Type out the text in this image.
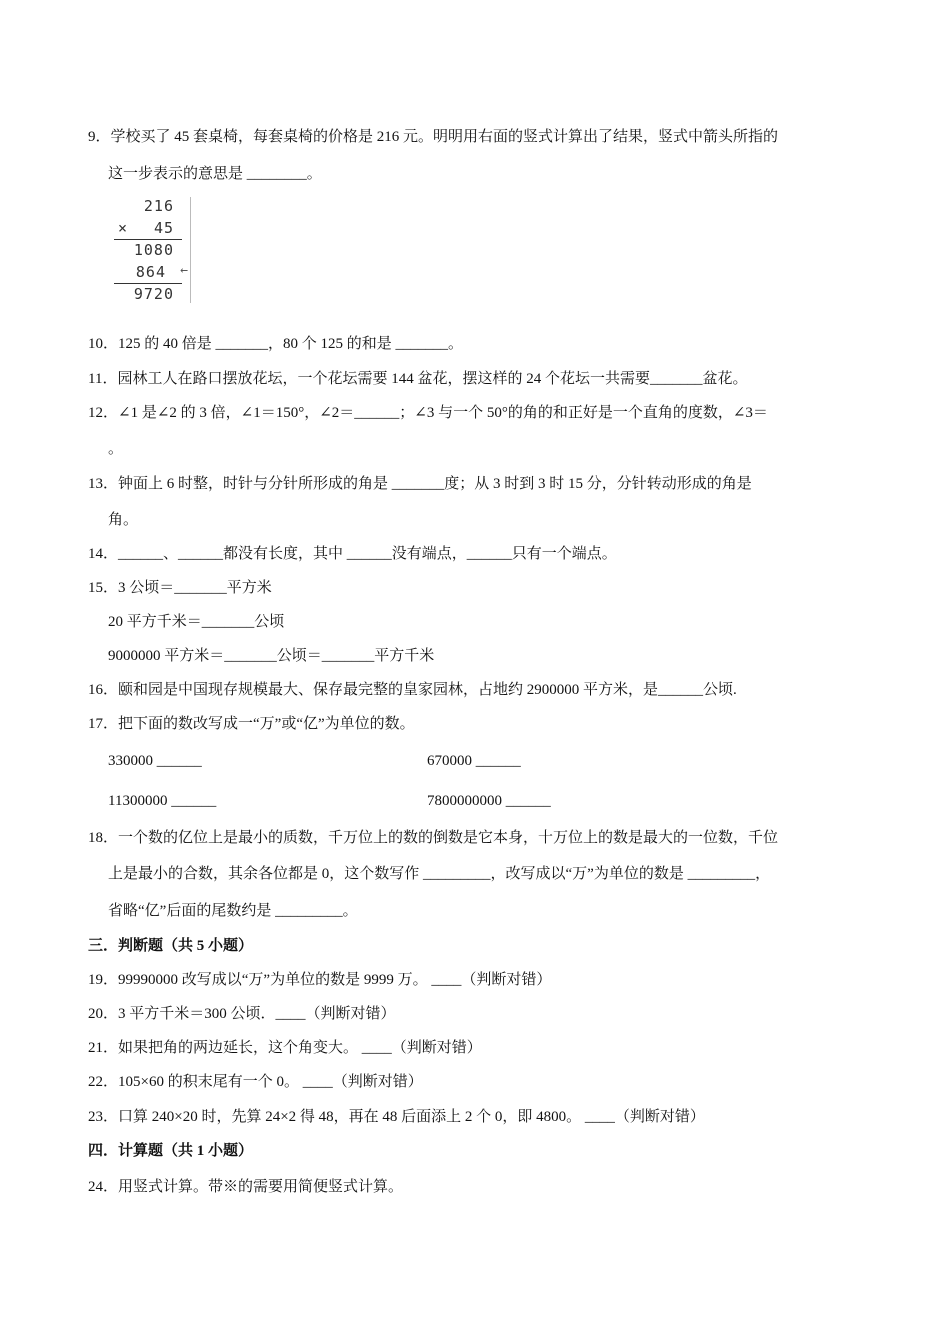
9．学校买了 45 套桌椅，每套桌椅的价格是 216 元。明明用右面的竖式计算出了结果，竖式中箭头所指的
这一步表示的意思是 ________。
216
× 45
1080
864 ←
9720
10．125 的 40 倍是 _______，80 个 125 的和是 _______。
11．园林工人在路口摆放花坛，一个花坛需要 144 盆花，摆这样的 24 个花坛一共需要_______盆花。
12．∠1 是∠2 的 3 倍，∠1＝150°，∠2＝______；∠3 与一个 50°的角的和正好是一个直角的度数，∠3＝
。
13．钟面上 6 时整，时针与分针所形成的角是 _______度；从 3 时到 3 时 15 分，分针转动形成的角是
角。
14．______、______都没有长度，其中 ______没有端点，______只有一个端点。
15．3 公顷＝_______平方米
20 平方千米＝_______公顷
9000000 平方米＝_______公顷＝_______平方千米
16．颐和园是中国现存规模最大、保存最完整的皇家园林，占地约 2900000 平方米，是______公顷.
17．把下面的数改写成一“万”或“亿”为单位的数。
330000 ______	670000 ______
11300000 ______	7800000000 ______
18．一个数的亿位上是最小的质数，千万位上的数的倒数是它本身，十万位上的数是最大的一位数，千位
上是最小的合数，其余各位都是 0，这个数写作 _________，改写成以“万”为单位的数是 _________，
省略“亿”后面的尾数约是 _________。
三．判断题（共 5 小题）
19．99990000 改写成以“万”为单位的数是 9999 万。 ____（判断对错）
20．3 平方千米＝300 公顷．____（判断对错）
21．如果把角的两边延长，这个角变大。 ____（判断对错）
22．105×60 的积末尾有一个 0。 ____（判断对错）
23．口算 240×20 时，先算 24×2 得 48，再在 48 后面添上 2 个 0，即 4800。 ____（判断对错）
四．计算题（共 1 小题）
24．用竖式计算。带※的需要用简便竖式计算。
